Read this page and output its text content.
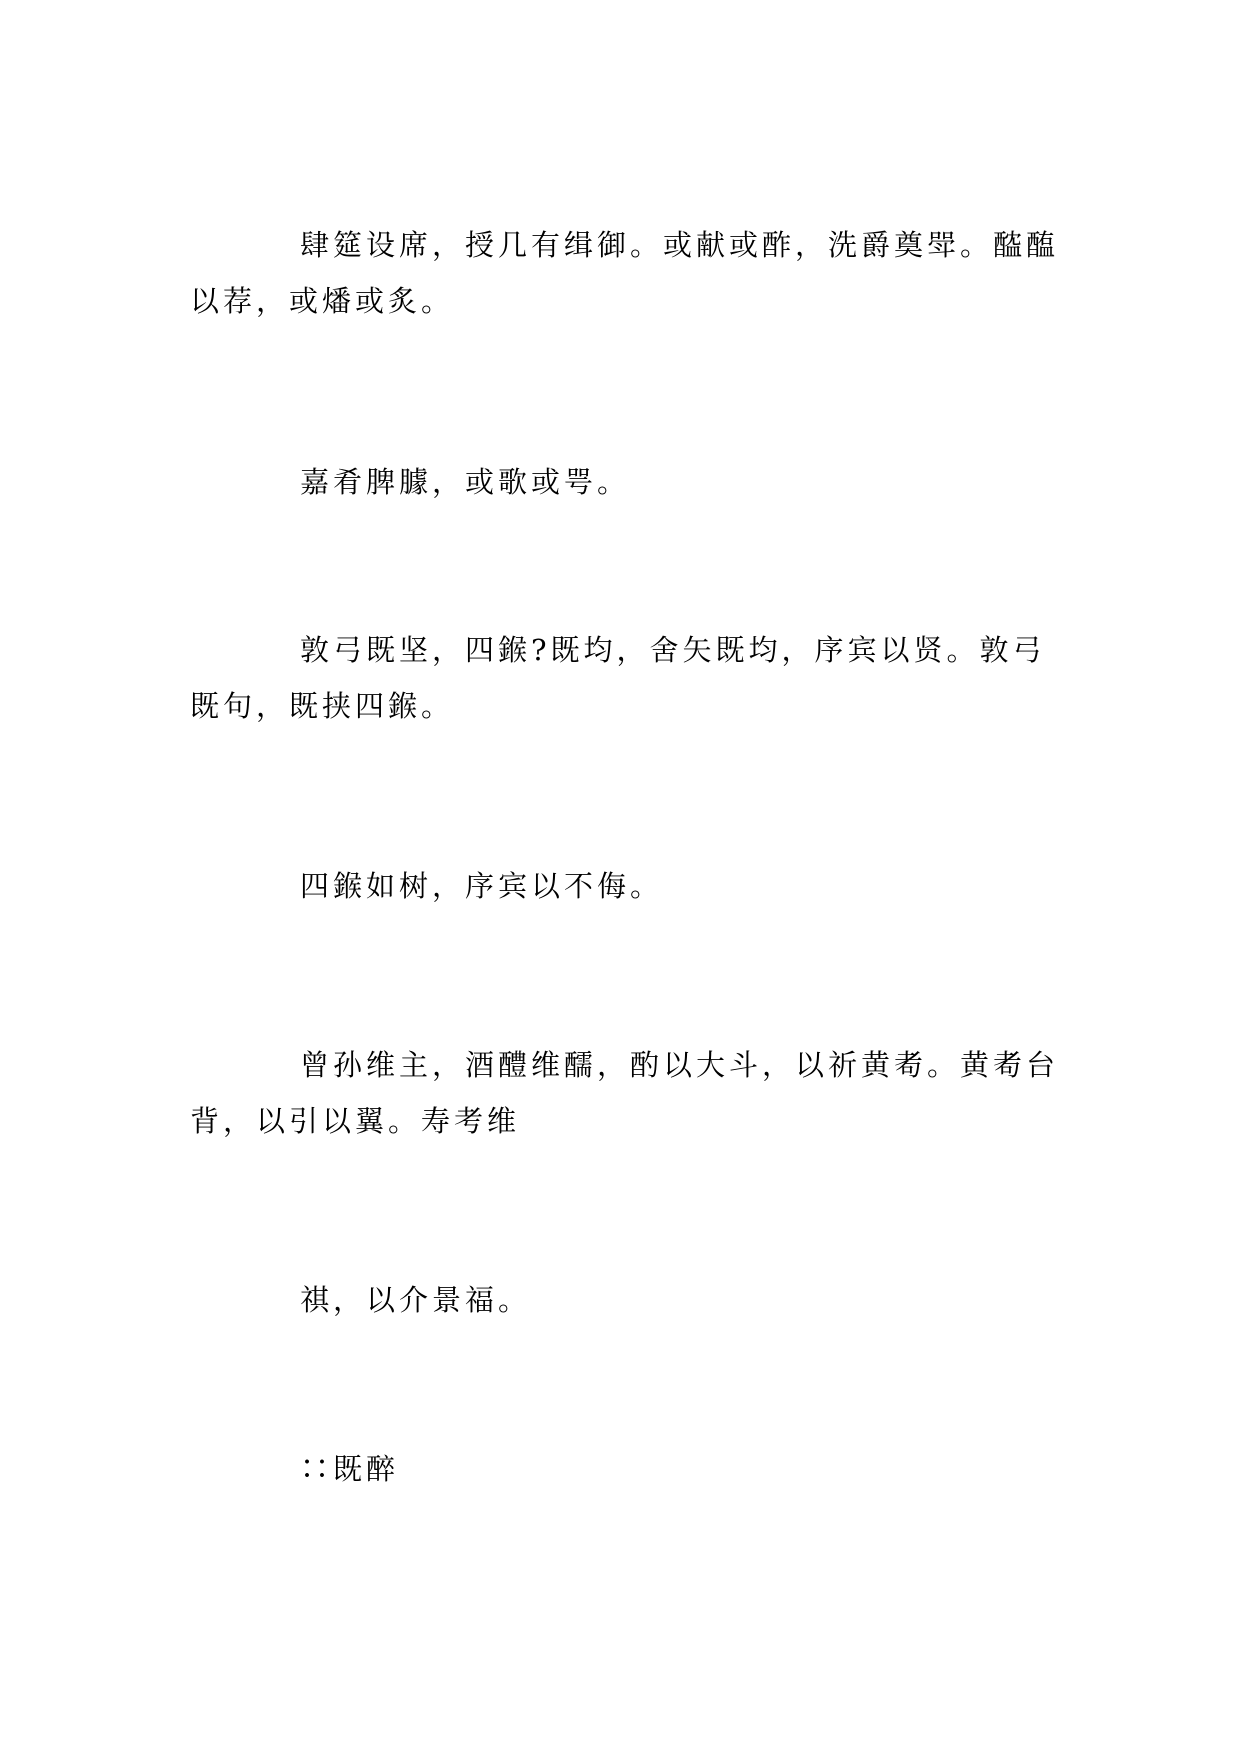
肆筵设席，授几有缉御。或献或酢，洗爵奠斝。醓醢以荐，或燔或炙。

嘉肴脾臄，或歌或咢。

敦弓既坚，四鍭?既均，舍矢既均，序宾以贤。敦弓既句，既挟四鍭。

四鍭如树，序宾以不侮。

曾孙维主，酒醴维醹，酌以大斗，以祈黄耇。黄耇台背，以引以翼。寿考维

祺，以介景福。

∷既醉
